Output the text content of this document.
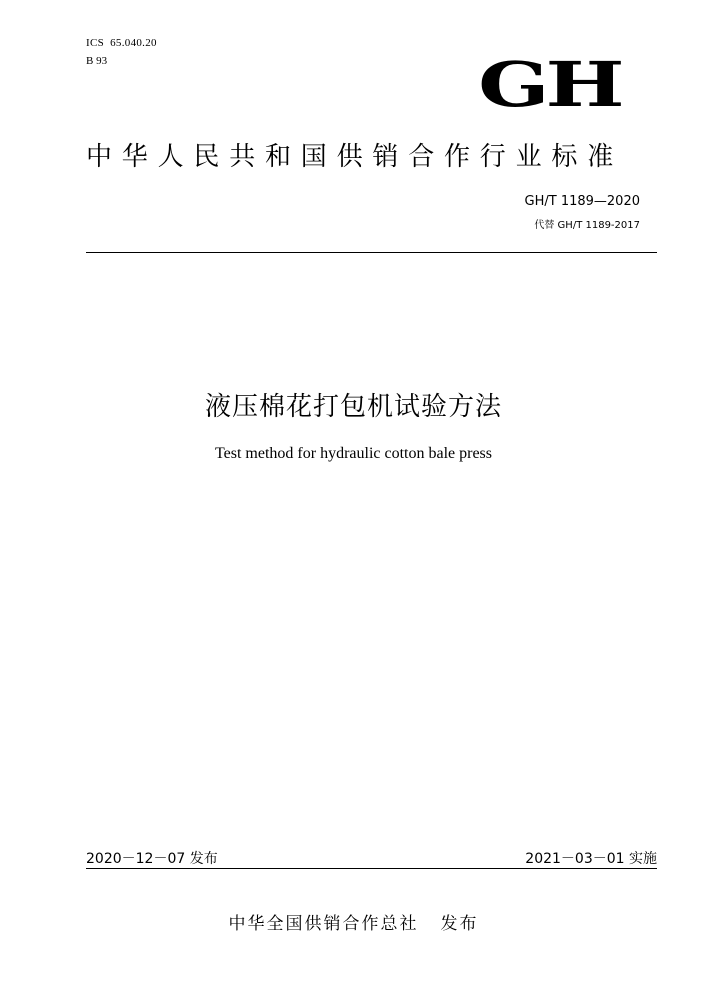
ICS  65.040.20
B 93	GH
中华人民共和国供销合作行业标准
GH/T 1189—2020
代替 GH/T 1189-2017
液压棉花打包机试验方法
Test method for hydraulic cotton bale press
2020－12－07 发布	2021－03－01 实施
中华全国供销合作总社 发布
